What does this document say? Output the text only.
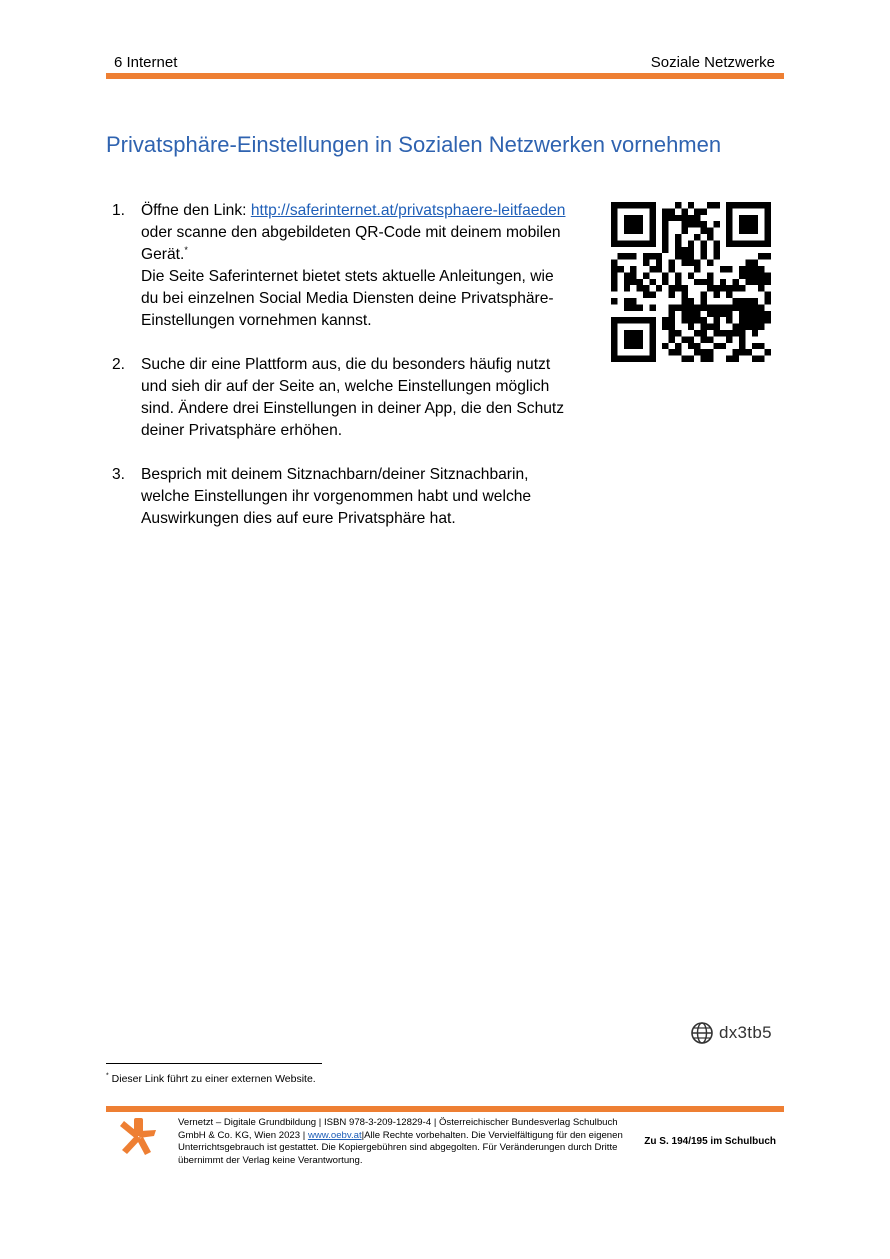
6 Internet	Soziale Netzwerke
Privatsphäre-Einstellungen in Sozialen Netzwerken vornehmen
1.	Öffne den Link: http://saferinternet.at/privatsphaere-leitfaeden oder scanne den abgebildeten QR-Code mit deinem mobilen Gerät.*
Die Seite Saferinternet bietet stets aktuelle Anleitungen, wie du bei einzelnen Social Media Diensten deine Privatsphäre-Einstellungen vornehmen kannst.
2.	Suche dir eine Plattform aus, die du besonders häufig nutzt und sieh dir auf der Seite an, welche Einstellungen möglich sind. Ändere drei Einstellungen in deiner App, die den Schutz deiner Privatsphäre erhöhen.
3.	Besprich mit deinem Sitznachbarn/deiner Sitznachbarin, welche Einstellungen ihr vorgenommen habt und welche Auswirkungen dies auf eure Privatsphäre hat.
dx3tb5
* Dieser Link führt zu einer externen Website.
Vernetzt – Digitale Grundbildung | ISBN 978-3-209-12829-4 | Österreichischer Bundesverlag Schulbuch GmbH & Co. KG, Wien 2023 | www.oebv.at|Alle Rechte vorbehalten. Die Vervielfältigung für den eigenen Unterrichtsgebrauch ist gestattet. Die Kopiergebühren sind abgegolten. Für Veränderungen durch Dritte übernimmt der Verlag keine Verantwortung.
Zu S. 194/195 im Schulbuch
